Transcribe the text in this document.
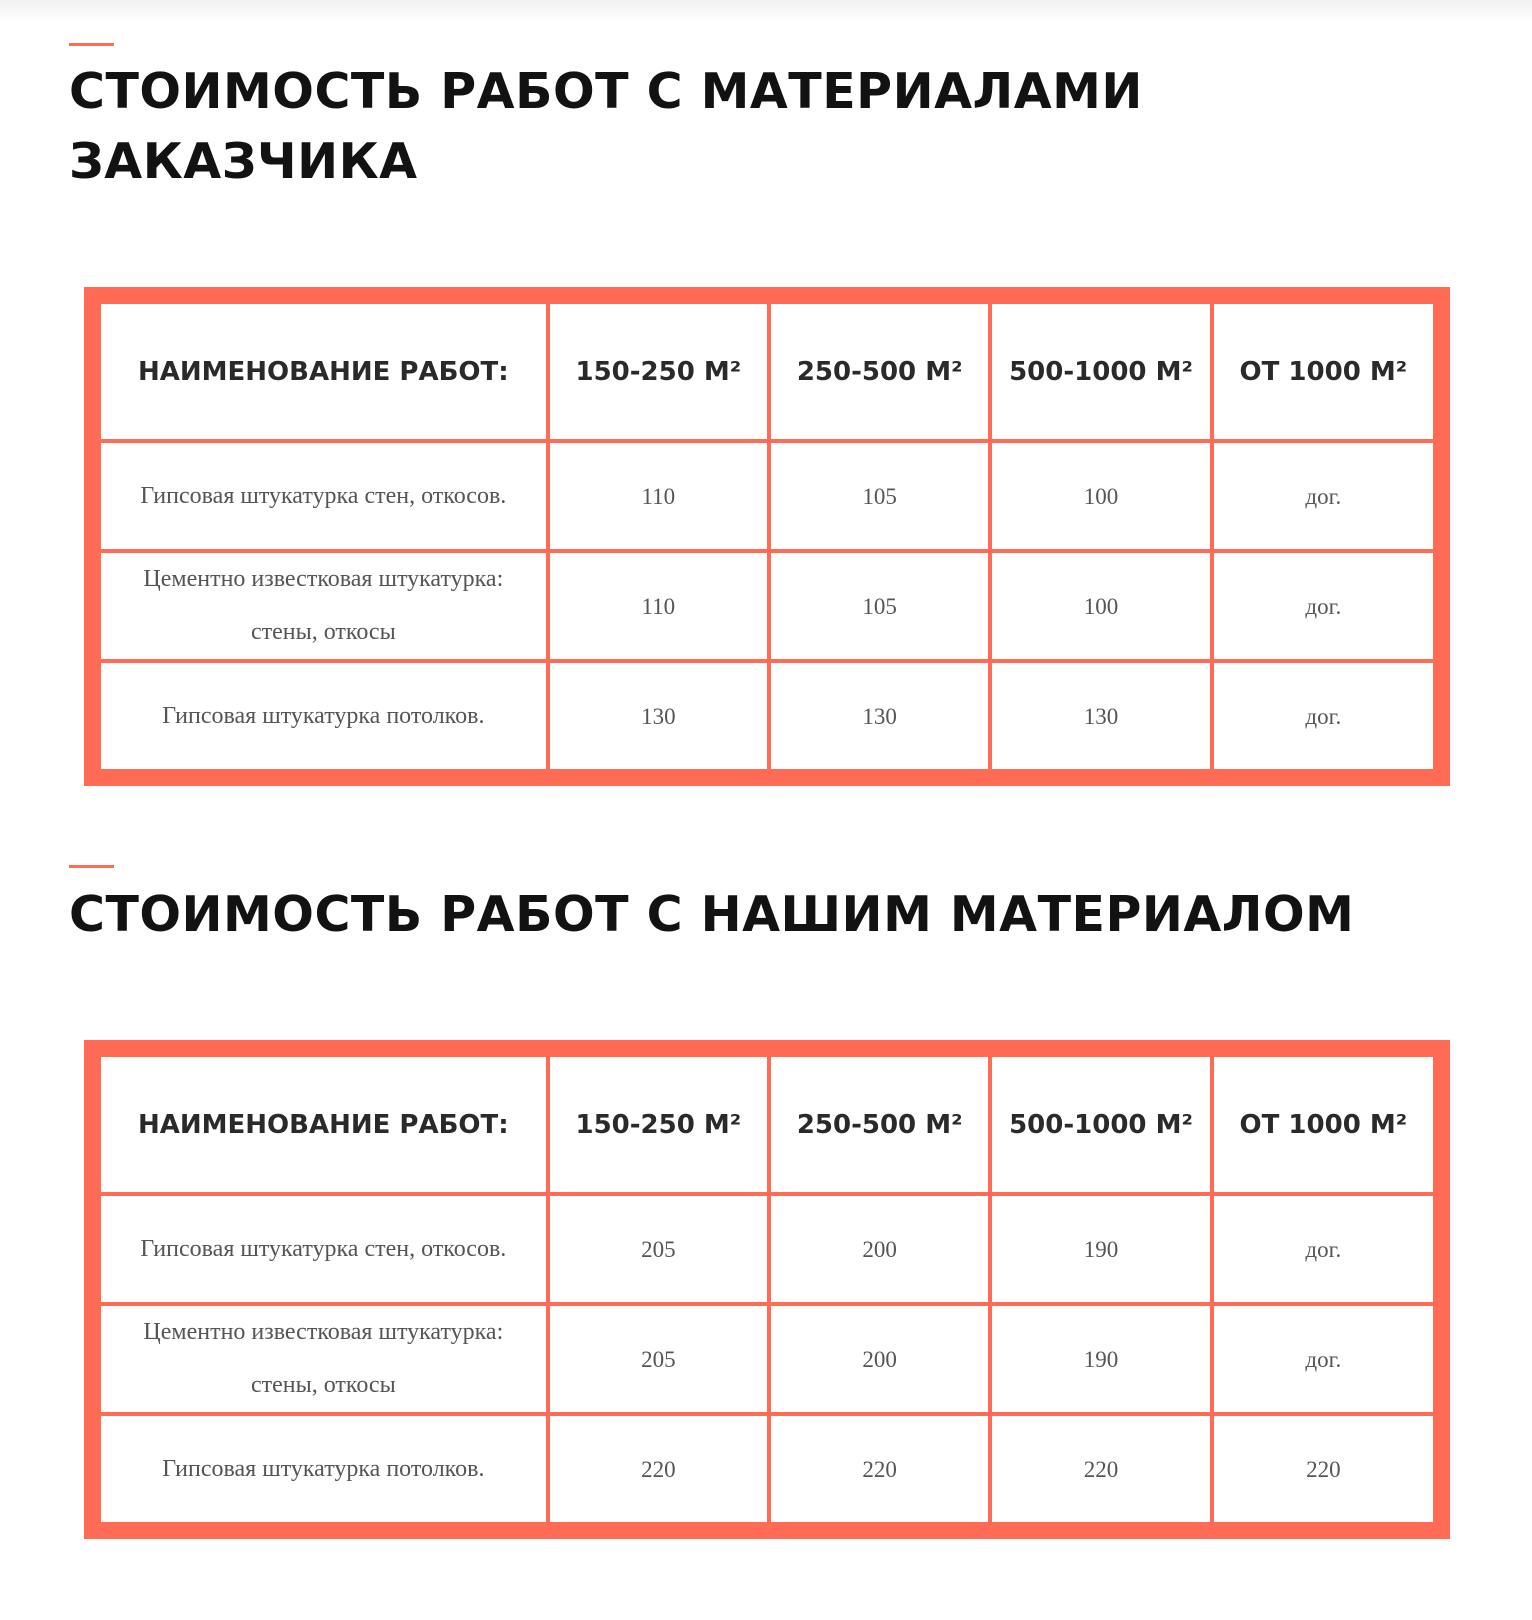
СТОИМОСТЬ РАБОТ С МАТЕРИАЛАМИ
ЗАКАЗЧИКА
НАИМЕНОВАНИЕ РАБОТ:	150-250 М²	250-500 М²	500-1000 М²	ОТ 1000 М²
Гипсовая штукатурка стен, откосов.	110	105	100	дог.
Цементно известковая штукатурка: стены, откосы	110	105	100	дог.
Гипсовая штукатурка потолков.	130	130	130	дог.
СТОИМОСТЬ РАБОТ С НАШИМ МАТЕРИАЛОМ
НАИМЕНОВАНИЕ РАБОТ:	150-250 М²	250-500 М²	500-1000 М²	ОТ 1000 М²
Гипсовая штукатурка стен, откосов.	205	200	190	дог.
Цементно известковая штукатурка: стены, откосы	205	200	190	дог.
Гипсовая штукатурка потолков.	220	220	220	220
